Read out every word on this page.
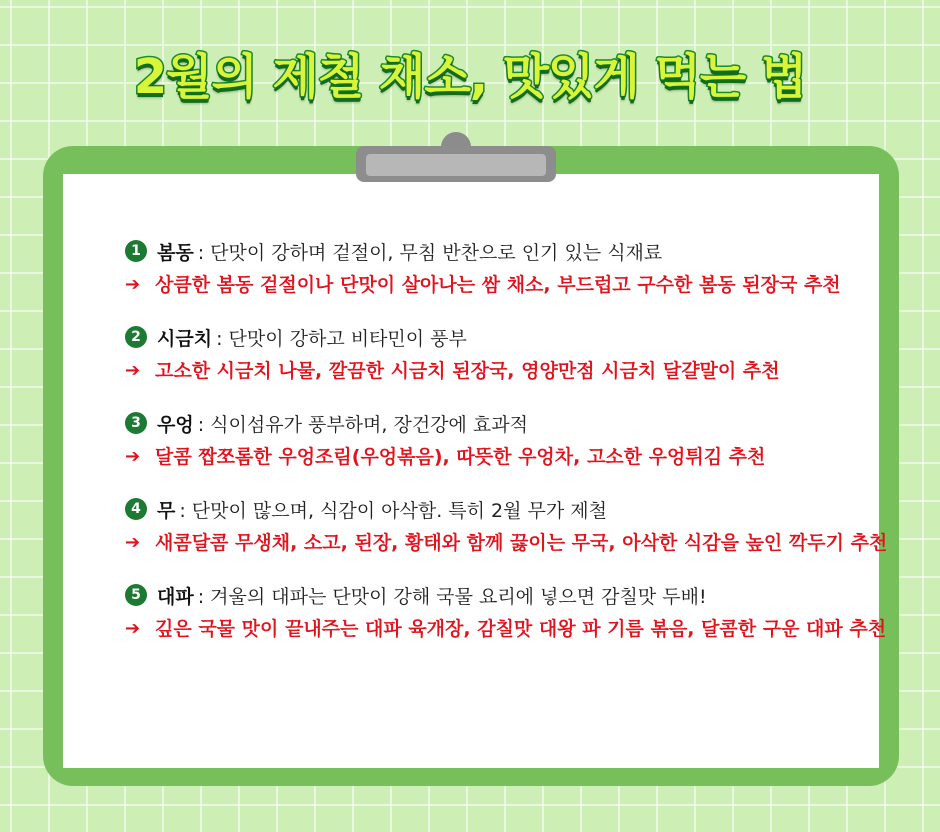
2월의 제철 채소, 맛있게 먹는 법
1 봄동 : 단맛이 강하며 겉절이, 무침 반찬으로 인기 있는 식재료
➔ 상큼한 봄동 겉절이나 단맛이 살아나는 쌈 채소, 부드럽고 구수한 봄동 된장국 추천
2 시금치 : 단맛이 강하고 비타민이 풍부
➔ 고소한 시금치 나물, 깔끔한 시금치 된장국, 영양만점 시금치 달걀말이 추천
3 우엉 : 식이섬유가 풍부하며, 장건강에 효과적
➔ 달콤 짭쪼롬한 우엉조림(우엉볶음), 따뜻한 우엉차, 고소한 우엉튀김 추천
4 무 : 단맛이 많으며, 식감이 아삭함. 특히 2월 무가 제철
➔ 새콤달콤 무생채, 소고, 된장, 황태와 함께 끓이는 무국, 아삭한 식감을 높인 깍두기 추천
5 대파 : 겨울의 대파는 단맛이 강해 국물 요리에 넣으면 감칠맛 두배!
➔ 깊은 국물 맛이 끝내주는 대파 육개장, 감칠맛 대왕 파 기름 볶음, 달콤한 구운 대파 추천
